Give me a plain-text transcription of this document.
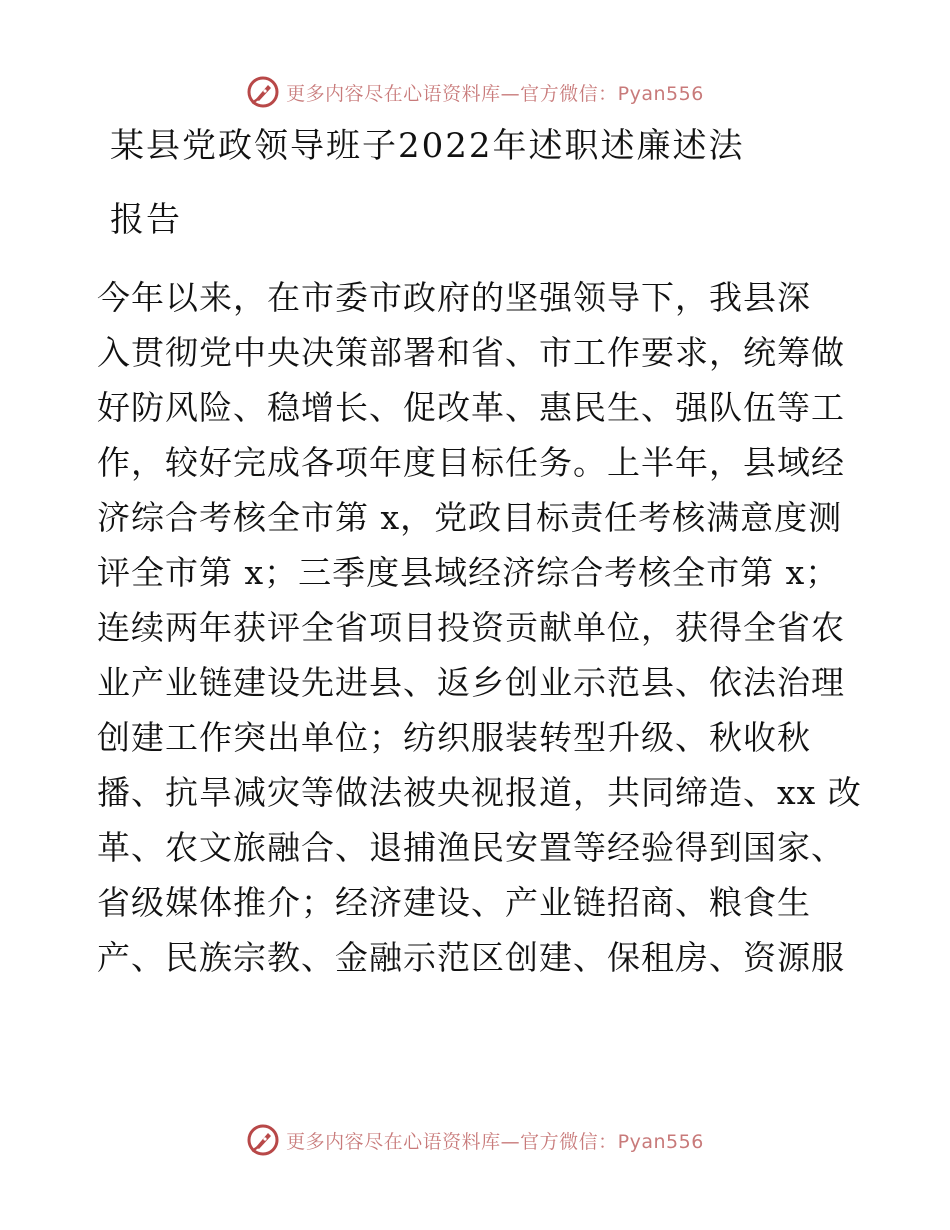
更多内容尽在心语资料库—官方微信：Pyan556
某县党政领导班子2022年述职述廉述法
报告
今年以来，在市委市政府的坚强领导下，我县深
入贯彻党中央决策部署和省、市工作要求，统筹做
好防风险、稳增长、促改革、惠民生、强队伍等工
作，较好完成各项年度目标任务。上半年，县域经
济综合考核全市第 x，党政目标责任考核满意度测
评全市第 x；三季度县域经济综合考核全市第 x；
连续两年获评全省项目投资贡献单位，获得全省农
业产业链建设先进县、返乡创业示范县、依法治理
创建工作突出单位；纺织服装转型升级、秋收秋
播、抗旱减灾等做法被央视报道，共同缔造、xx 改
革、农文旅融合、退捕渔民安置等经验得到国家、
省级媒体推介；经济建设、产业链招商、粮食生
产、民族宗教、金融示范区创建、保租房、资源服
更多内容尽在心语资料库—官方微信：Pyan556
